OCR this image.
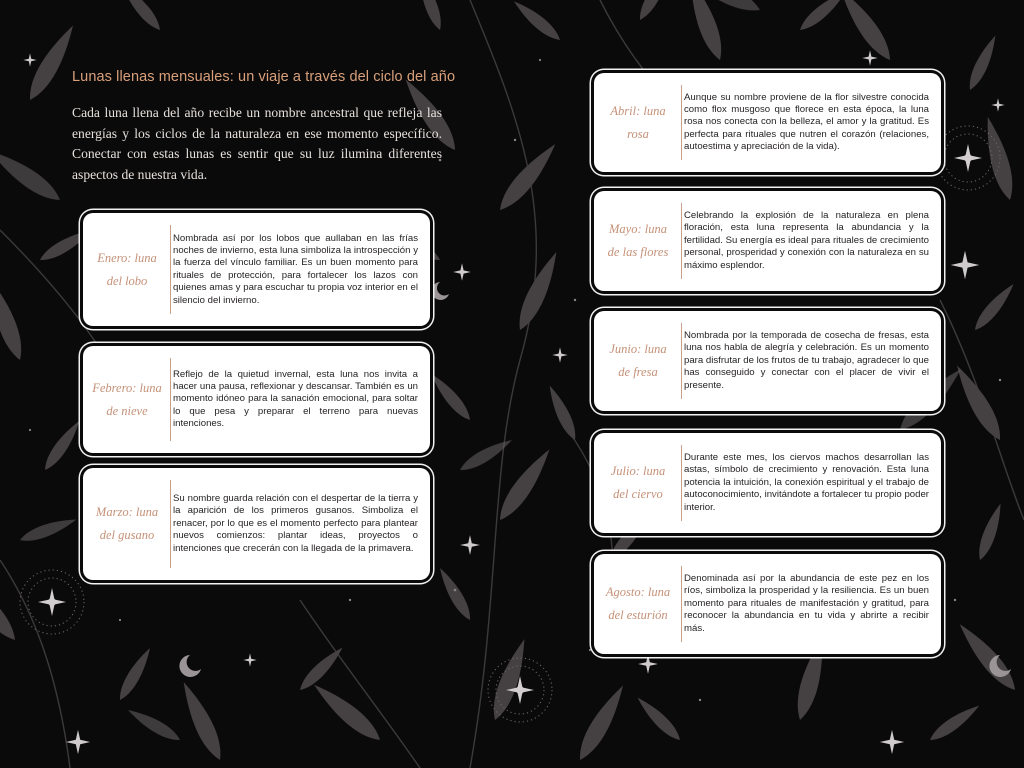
Lunas llenas mensuales: un viaje a través del ciclo del año

Cada luna llena del año recibe un nombre ancestral que refleja las energías y los ciclos de la naturaleza en ese momento específico. Conectar con estas lunas es sentir que su luz ilumina diferentes aspectos de nuestra vida.

Enero: luna del lobo

Nombrada así por los lobos que aullaban en las frías noches de invierno, esta luna simboliza la introspección y la fuerza del vínculo familiar. Es un buen momento para rituales de protección, para fortalecer los lazos con quienes amas y para escuchar tu propia voz interior en el silencio del invierno.

Febrero: luna de nieve

Reflejo de la quietud invernal, esta luna nos invita a hacer una pausa, reflexionar y descansar. También es un momento idóneo para la sanación emocional, para soltar lo que pesa y preparar el terreno para nuevas intenciones.

Marzo: luna del gusano

Su nombre guarda relación con el despertar de la tierra y la aparición de los primeros gusanos. Simboliza el renacer, por lo que es el momento perfecto para plantear nuevos comienzos: plantar ideas, proyectos o intenciones que crecerán con la llegada de la primavera.

Abril: luna rosa

Aunque su nombre proviene de la flor silvestre conocida como flox musgoso que florece en esta época, la luna rosa nos conecta con la belleza, el amor y la gratitud. Es perfecta para rituales que nutren el corazón (relaciones, autoestima y apreciación de la vida).

Mayo: luna de las flores

Celebrando la explosión de la naturaleza en plena floración, esta luna representa la abundancia y la fertilidad. Su energía es ideal para rituales de crecimiento personal, prosperidad y conexión con la naturaleza en su máximo esplendor.

Junio: luna de fresa

Nombrada por la temporada de cosecha de fresas, esta luna nos habla de alegría y celebración. Es un momento para disfrutar de los frutos de tu trabajo, agradecer lo que has conseguido y conectar con el placer de vivir el presente.

Julio: luna del ciervo

Durante este mes, los ciervos machos desarrollan las astas, símbolo de crecimiento y renovación. Esta luna potencia la intuición, la conexión espiritual y el trabajo de autoconocimiento, invitándote a fortalecer tu propio poder interior.

Agosto: luna del esturión

Denominada así por la abundancia de este pez en los ríos, simboliza la prosperidad y la resiliencia. Es un buen momento para rituales de manifestación y gratitud, para reconocer la abundancia en tu vida y abrirte a recibir más.
